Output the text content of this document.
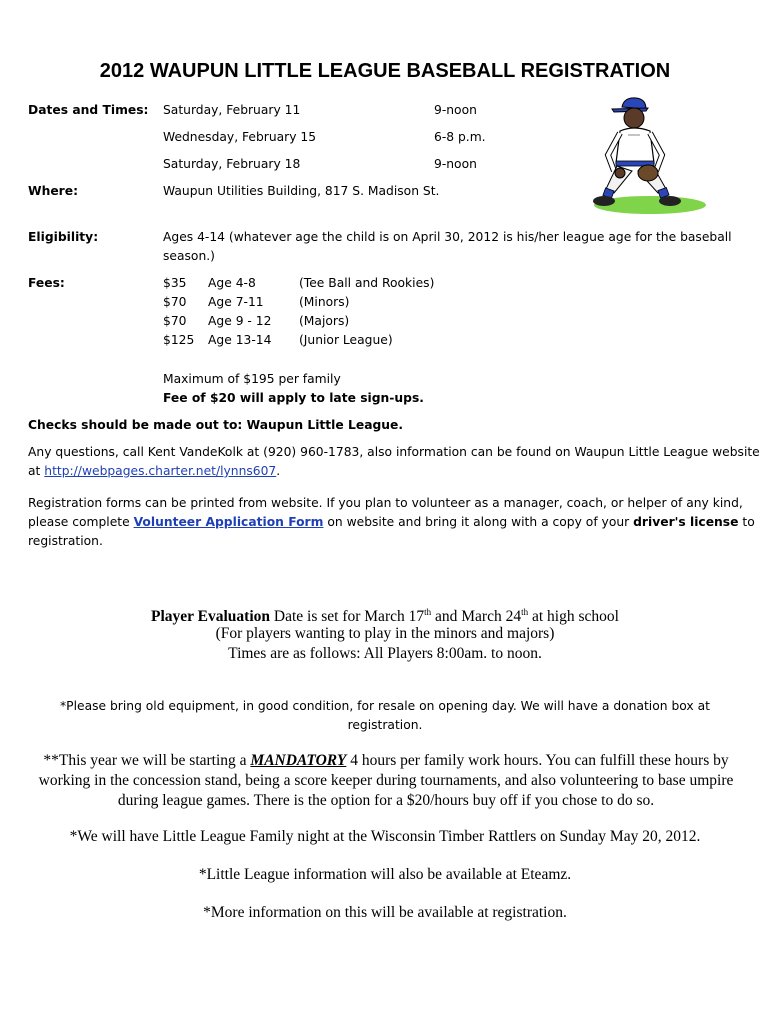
2012 WAUPUN LITTLE LEAGUE BASEBALL REGISTRATION
Dates and Times: Saturday, February 11	9-noon
Wednesday, February 15	6-8 p.m.
Saturday, February 18	9-noon
Where:	Waupun Utilities Building, 817 S. Madison St.
Eligibility:	Ages 4-14 (whatever age the child is on April 30, 2012 is his/her league age for the baseball
season.)
Fees:	$35 Age 4-8	(Tee Ball and Rookies)
$70 Age 7-11	(Minors)
$70 Age 9 - 12 (Majors)
$125 Age 13-14 (Junior League)
Maximum of $195 per family
Fee of $20 will apply to late sign-ups.
Checks should be made out to: Waupun Little League.
Any questions, call Kent VandeKolk at (920) 960-1783, also information can be found on Waupun Little League website
at http://webpages.charter.net/lynns607.
Registration forms can be printed from website. If you plan to volunteer as a manager, coach, or helper of any kind,
please complete Volunteer Application Form on website and bring it along with a copy of your driver's license to
registration.
Player Evaluation Date is set for March 17th and March 24th at high school
(For players wanting to play in the minors and majors)
Times are as follows: All Players 8:00am. to noon.
*Please bring old equipment, in good condition, for resale on opening day. We will have a donation box at
registration.
**This year we will be starting a MANDATORY 4 hours per family work hours. You can fulfill these hours by working in the concession stand, being a score keeper during tournaments, and also volunteering to base umpire during league games. There is the option for a $20/hours buy off if you chose to do so.
*We will have Little League Family night at the Wisconsin Timber Rattlers on Sunday May 20, 2012.
*Little League information will also be available at Eteamz.
*More information on this will be available at registration.
